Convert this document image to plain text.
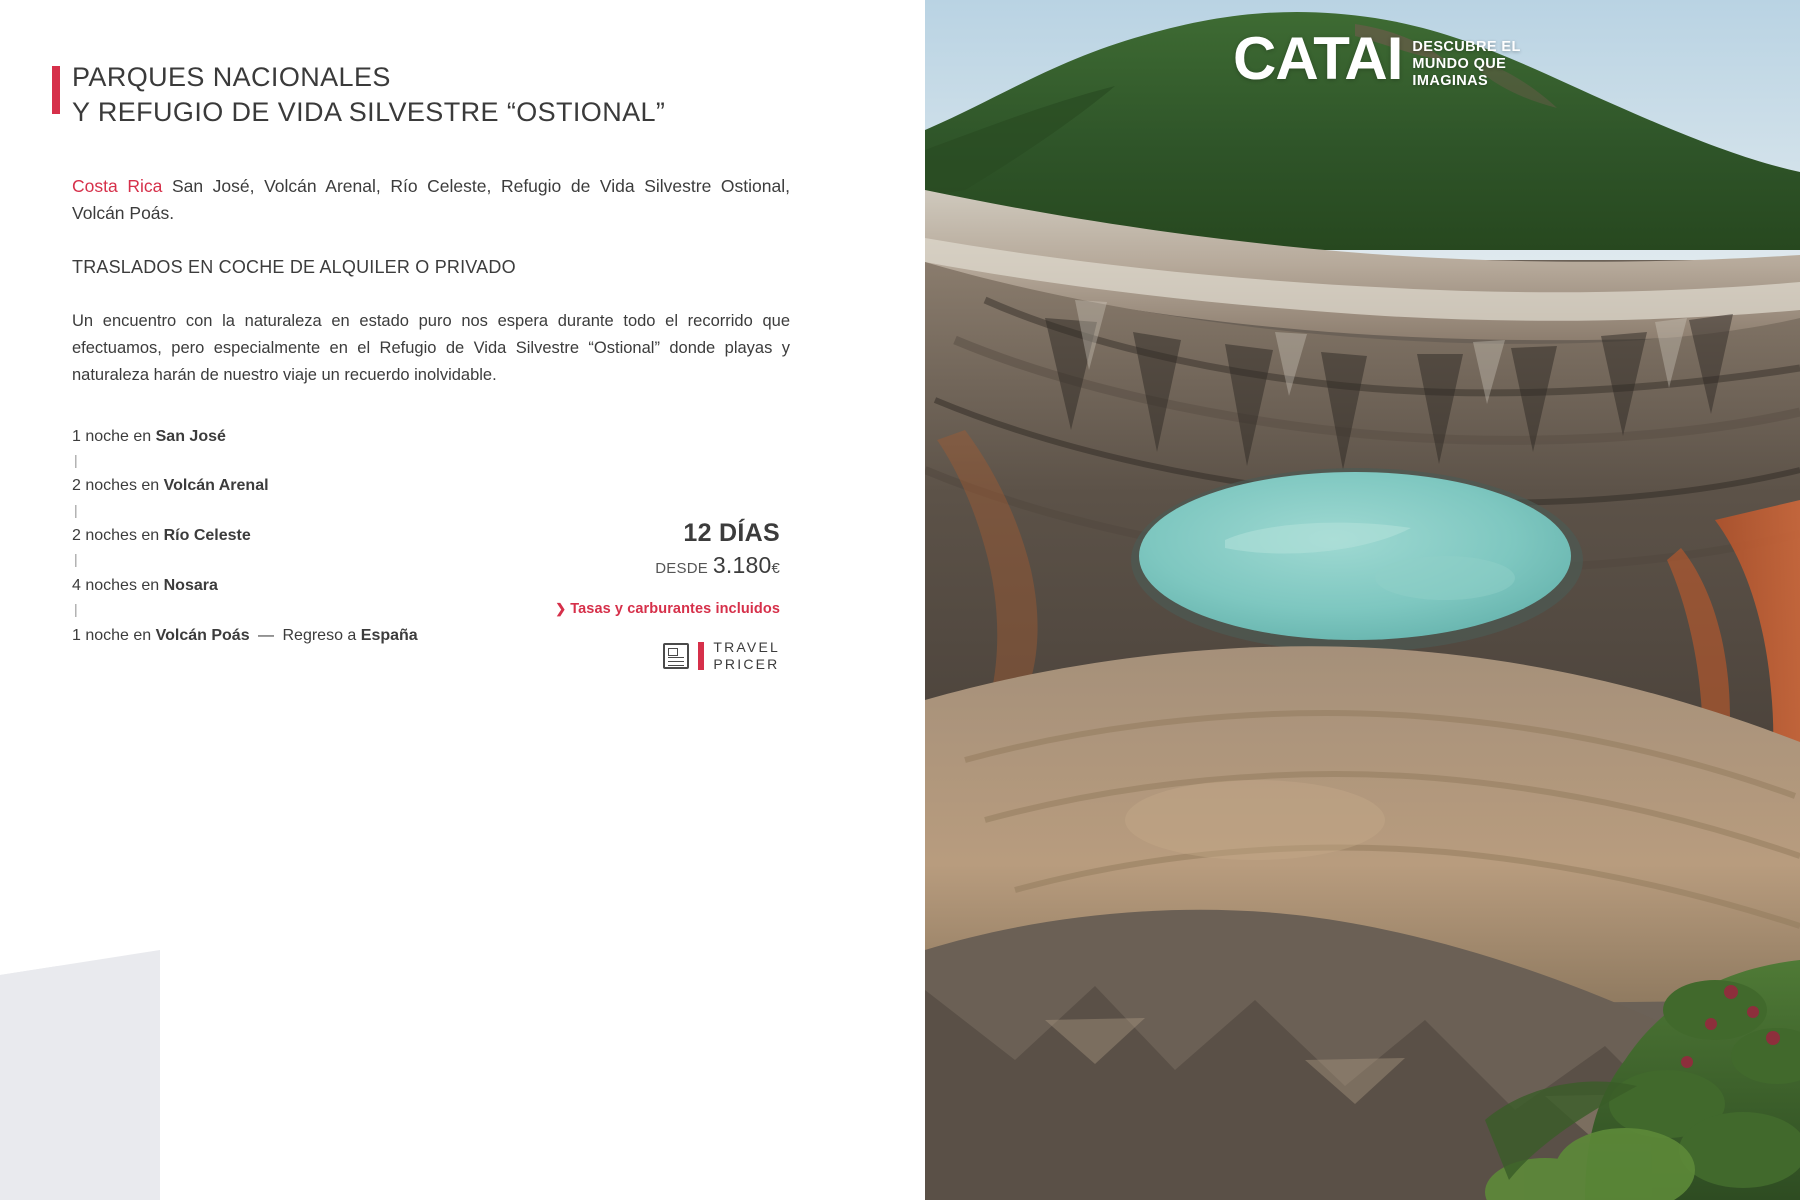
PARQUES NACIONALES
Y REFUGIO DE VIDA SILVESTRE “OSTIONAL”

Costa Rica San José, Volcán Arenal, Río Celeste, Refugio de Vida Silvestre Ostional, Volcán Poás.

TRASLADOS EN COCHE DE ALQUILER O PRIVADO

Un encuentro con la naturaleza en estado puro nos espera durante todo el recorrido que efectuamos, pero especialmente en el Refugio de Vida Silvestre “Ostional” donde playas y naturaleza harán de nuestro viaje un recuerdo inolvidable.

1 noche en San José
|
2 noches en Volcán Arenal
|
2 noches en Río Celeste
|
4 noches en Nosara
|
1 noche en Volcán Poás — Regreso a España
12 DÍAS
DESDE 3.180€
❯ Tasas y carburantes incluidos
TRAVEL
PRICER
CATAI DESCUBRE EL
MUNDO QUE
IMAGINAS
